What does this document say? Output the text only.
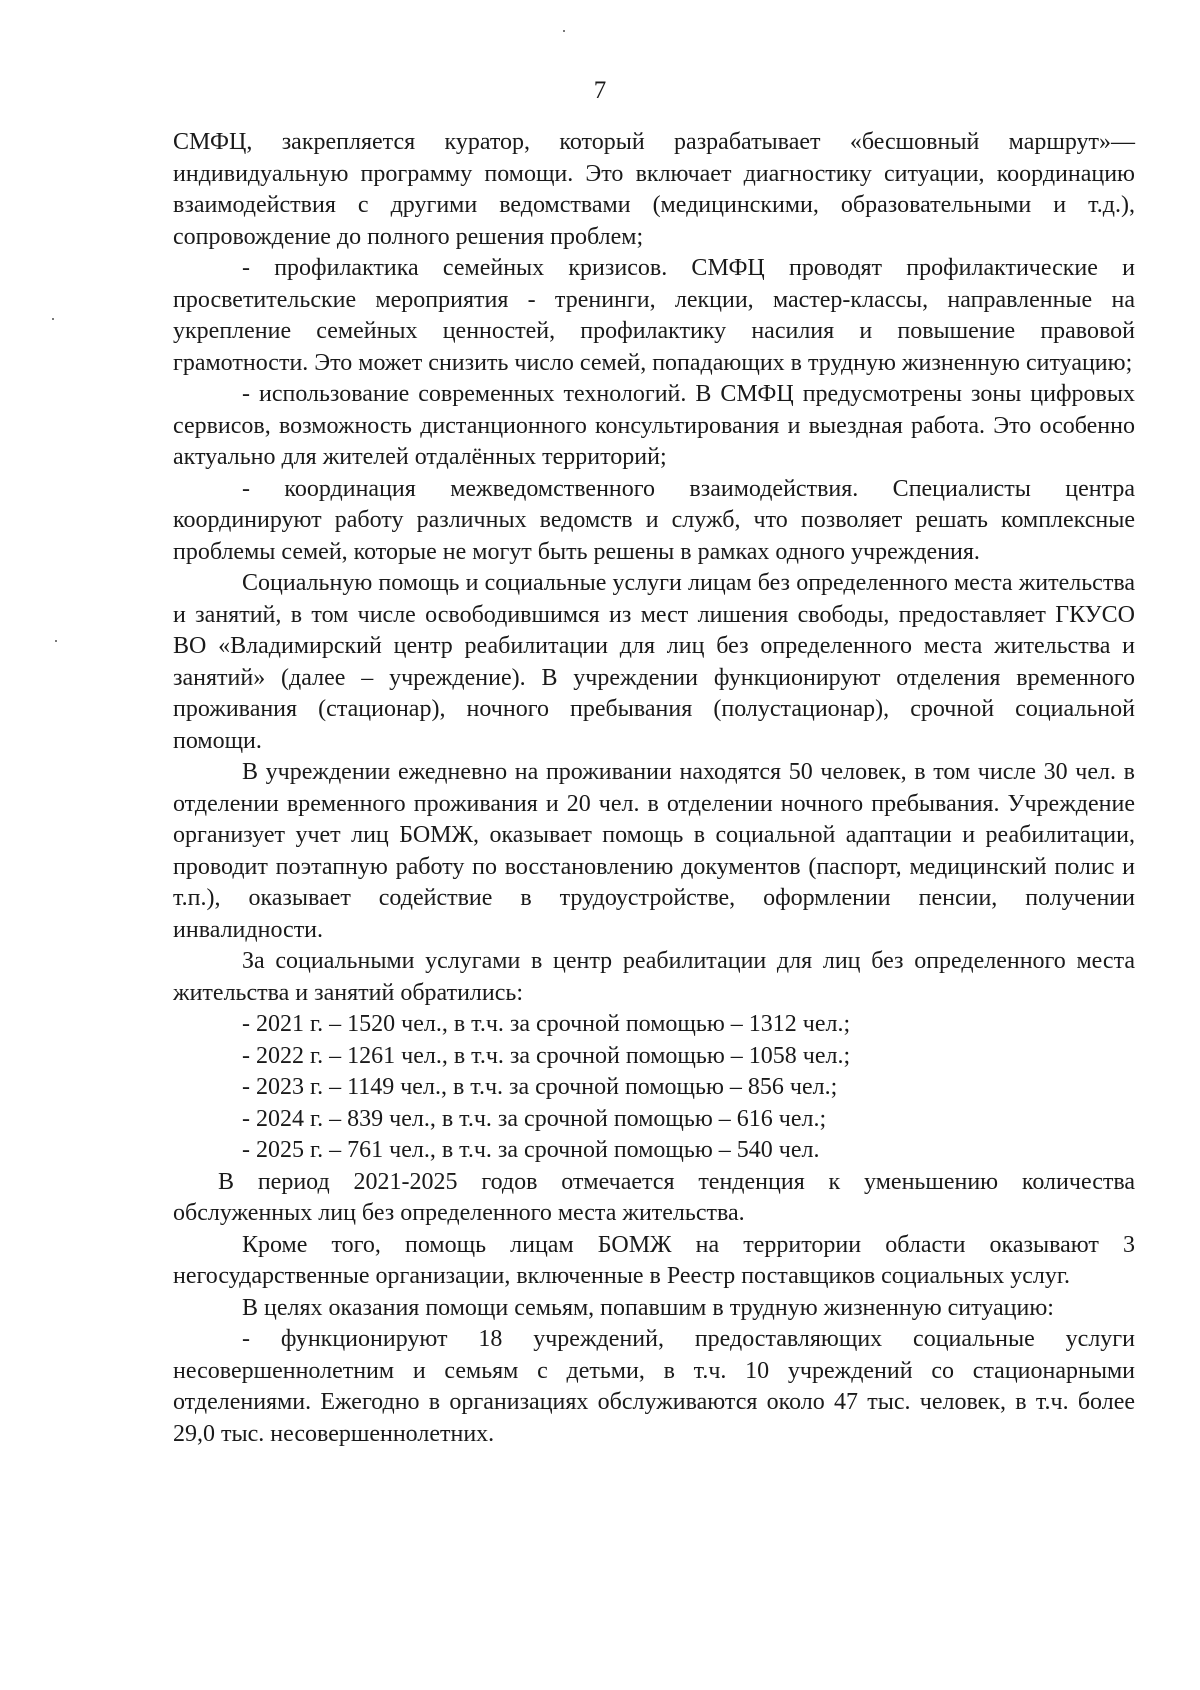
7

СМФЦ, закрепляется куратор, который разрабатывает «бесшовный маршрут»— индивидуальную программу помощи. Это включает диагностику ситуации, координацию взаимодействия с другими ведомствами (медицинскими, образовательными и т.д.), сопровождение до полного решения проблем;

- профилактика семейных кризисов. СМФЦ проводят профилактические и просветительские мероприятия - тренинги, лекции, мастер-классы, направленные на укрепление семейных ценностей, профилактику насилия и повышение правовой грамотности. Это может снизить число семей, попадающих в трудную жизненную ситуацию;

- использование современных технологий. В СМФЦ предусмотрены зоны цифровых сервисов, возможность дистанционного консультирования и выездная работа. Это особенно актуально для жителей отдалённых территорий;

- координация межведомственного взаимодействия. Специалисты центра координируют работу различных ведомств и служб, что позволяет решать комплексные проблемы семей, которые не могут быть решены в рамках одного учреждения.

Социальную помощь и социальные услуги лицам без определенного места жительства и занятий, в том числе освободившимся из мест лишения свободы, предоставляет ГКУСО ВО «Владимирский центр реабилитации для лиц без определенного места жительства и занятий» (далее – учреждение). В учреждении функционируют отделения временного проживания (стационар), ночного пребывания (полустационар), срочной социальной помощи.

В учреждении ежедневно на проживании находятся 50 человек, в том числе 30 чел. в отделении временного проживания и 20 чел. в отделении ночного пребывания. Учреждение организует учет лиц БОМЖ, оказывает помощь в социальной адаптации и реабилитации, проводит поэтапную работу по восстановлению документов (паспорт, медицинский полис и т.п.), оказывает содействие в трудоустройстве, оформлении пенсии, получении инвалидности.

За социальными услугами в центр реабилитации для лиц без определенного места жительства и занятий обратились:

- 2021 г. – 1520 чел., в т.ч. за срочной помощью – 1312 чел.;

- 2022 г. – 1261 чел., в т.ч. за срочной помощью – 1058 чел.;

- 2023 г. – 1149 чел., в т.ч. за срочной помощью – 856 чел.;

- 2024 г. – 839 чел., в т.ч. за срочной помощью – 616 чел.;

- 2025 г. – 761 чел., в т.ч. за срочной помощью – 540 чел.

В период 2021-2025 годов отмечается тенденция к уменьшению количества обслуженных лиц без определенного места жительства.

Кроме того, помощь лицам БОМЖ на территории области оказывают 3 негосударственные организации, включенные в Реестр поставщиков социальных услуг.

В целях оказания помощи семьям, попавшим в трудную жизненную ситуацию:

- функционируют 18 учреждений, предоставляющих социальные услуги несовершеннолетним и семьям с детьми, в т.ч. 10 учреждений со стационарными отделениями. Ежегодно в организациях обслуживаются около 47 тыс. человек, в т.ч. более 29,0 тыс. несовершеннолетних.
